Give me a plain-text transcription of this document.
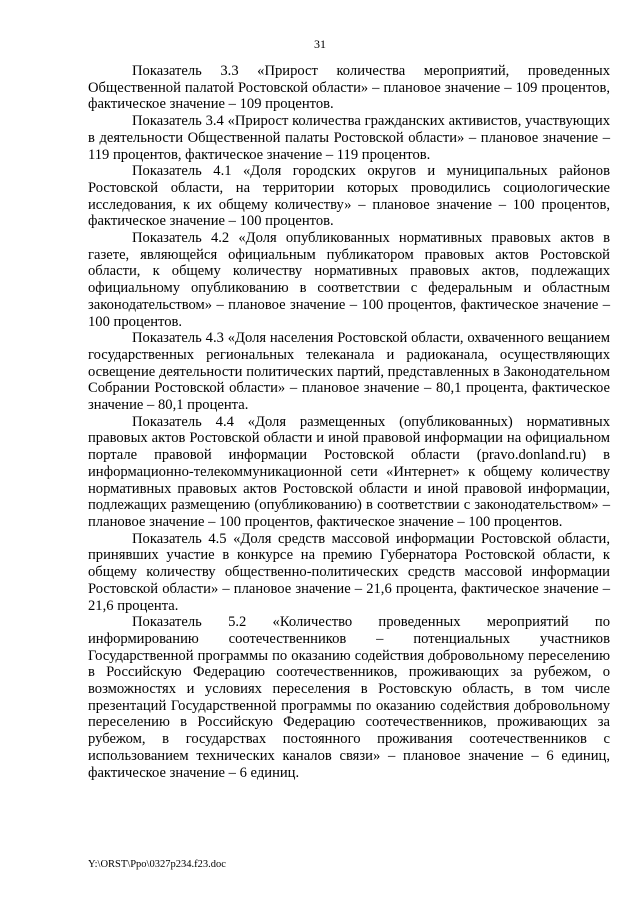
31

Показатель 3.3 «Прирост количества мероприятий, проведенных Общественной палатой Ростовской области» – плановое значение – 109 процентов, фактическое значение – 109 процентов.

Показатель 3.4 «Прирост количества гражданских активистов, участвующих в деятельности Общественной палаты Ростовской области» – плановое значение – 119 процентов, фактическое значение – 119 процентов.

Показатель 4.1 «Доля городских округов и муниципальных районов Ростовской области, на территории которых проводились социологические исследования, к их общему количеству» – плановое значение – 100 процентов, фактическое значение – 100 процентов.

Показатель 4.2 «Доля опубликованных нормативных правовых актов в газете, являющейся официальным публикатором правовых актов Ростовской области, к общему количеству нормативных правовых актов, подлежащих официальному опубликованию в соответствии с федеральным и областным законодательством» – плановое значение – 100 процентов, фактическое значение – 100 процентов.

Показатель 4.3 «Доля населения Ростовской области, охваченного вещанием государственных региональных телеканала и радиоканала, осуществляющих освещение деятельности политических партий, представленных в Законодательном Собрании Ростовской области» – плановое значение – 80,1 процента, фактическое значение – 80,1 процента.

Показатель 4.4 «Доля размещенных (опубликованных) нормативных правовых актов Ростовской области и иной правовой информации на официальном портале правовой информации Ростовской области (pravo.donland.ru) в информационно-телекоммуникационной сети «Интернет» к общему количеству нормативных правовых актов Ростовской области и иной правовой информации, подлежащих размещению (опубликованию) в соответствии с законодательством» – плановое значение – 100 процентов, фактическое значение – 100 процентов.

Показатель 4.5 «Доля средств массовой информации Ростовской области, принявших участие в конкурсе на премию Губернатора Ростовской области, к общему количеству общественно-политических средств массовой информации Ростовской области» – плановое значение – 21,6 процента, фактическое значение – 21,6 процента.

Показатель 5.2 «Количество проведенных мероприятий по информированию соотечественников – потенциальных участников Государственной программы по оказанию содействия добровольному переселению в Российскую Федерацию соотечественников, проживающих за рубежом, о возможностях и условиях переселения в Ростовскую область, в том числе презентаций Государственной программы по оказанию содействия добровольному переселению в Российскую Федерацию соотечественников, проживающих за рубежом, в государствах постоянного проживания соотечественников с использованием технических каналов связи» – плановое значение – 6 единиц, фактическое значение – 6 единиц.

Y:\ORST\Ppo\0327p234.f23.doc
